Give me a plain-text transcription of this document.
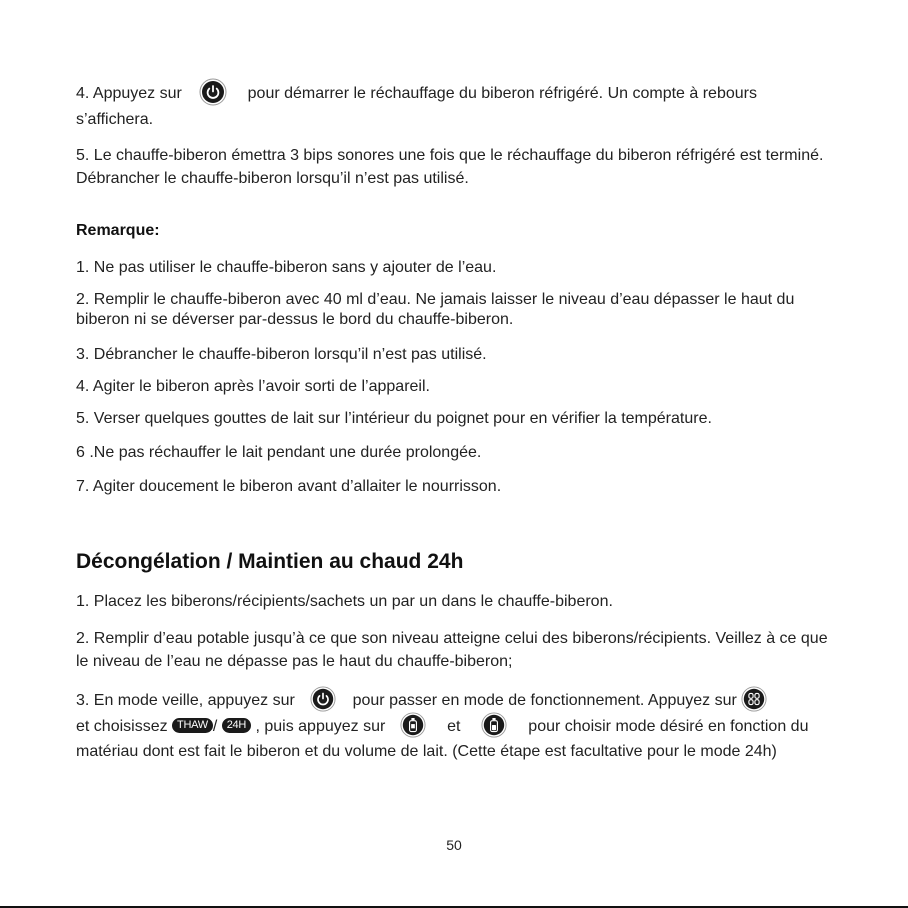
4. Appuyez sur	pour démarrer le réchauffage du biberon réfrigéré. Un compte à rebours s’affichera.

5. Le chauffe-biberon émettra 3 bips sonores une fois que le réchauffage du biberon réfrigéré est terminé. Débrancher le chauffe-biberon lorsqu’il n’est pas utilisé.

Remarque:

1. Ne pas utiliser le chauffe-biberon sans y ajouter de l’eau.

2. Remplir le chauffe-biberon avec 40 ml d’eau. Ne jamais laisser le niveau d’eau dépasser le haut du biberon ni se déverser par-dessus le bord du chauffe-biberon.

3. Débrancher le chauffe-biberon lorsqu’il n’est pas utilisé.

4. Agiter le biberon après l’avoir sorti de l’appareil.

5. Verser quelques gouttes de lait sur l’intérieur du poignet pour en vérifier la température.

6 .Ne pas réchauffer le lait pendant une durée prolongée.

7. Agiter doucement le biberon avant d’allaiter le nourrisson.

Décongélation / Maintien au chaud 24h

1. Placez les biberons/récipients/sachets un par un dans le chauffe-biberon.

2. Remplir d’eau potable jusqu’à ce que son niveau atteigne celui des biberons/récipients. Veillez à ce que le niveau de l’eau ne dépasse pas le haut du chauffe-biberon;

3. En mode veille, appuyez sur	pour passer en mode de fonctionnement. Appuyez sur

et choisissez THAW / 24H , puis appuyez sur	et	pour choisir mode désiré en fonction du matériau dont est fait le biberon et du volume de lait. (Cette étape est facultative pour le mode 24h)

50
